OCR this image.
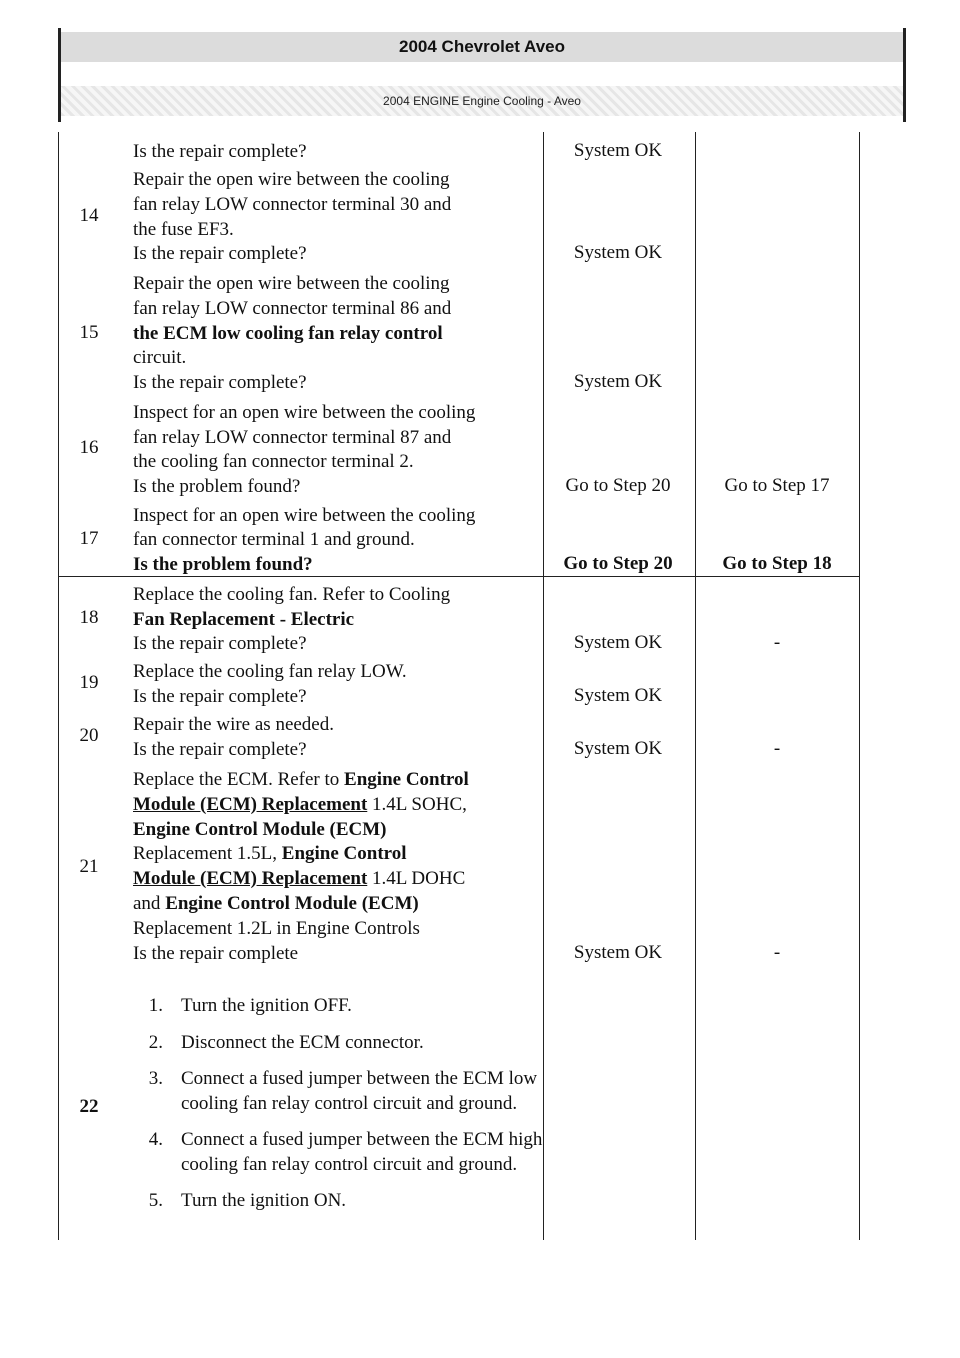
2004 Chevrolet Aveo
2004 ENGINE Engine Cooling - Aveo
Is the repair complete?	System OK
14
Repair the open wire between the cooling
fan relay LOW connector terminal 30 and
the fuse EF3.
Is the repair complete?	System OK
15
Repair the open wire between the cooling
fan relay LOW connector terminal 86 and
the ECM low cooling fan relay control
circuit.
Is the repair complete?	System OK
16
Inspect for an open wire between the cooling
fan relay LOW connector terminal 87 and
the cooling fan connector terminal 2.
Is the problem found?	Go to Step 20	Go to Step 17
17
Inspect for an open wire between the cooling
fan connector terminal 1 and ground.
Is the problem found?	Go to Step 20	Go to Step 18
18
Replace the cooling fan. Refer to Cooling
Fan Replacement - Electric
Is the repair complete?	System OK	-
19
Replace the cooling fan relay LOW.
Is the repair complete?	System OK
20
Repair the wire as needed.
Is the repair complete?	System OK	-
21
Replace the ECM. Refer to Engine Control
Module (ECM) Replacement 1.4L SOHC,
Engine Control Module (ECM)
Replacement 1.5L, Engine Control
Module (ECM) Replacement 1.4L DOHC
and Engine Control Module (ECM)
Replacement 1.2L in Engine Controls
Is the repair complete	System OK	-
22
1. Turn the ignition OFF.
2. Disconnect the ECM connector.
3. Connect a fused jumper between the ECM low cooling fan relay control circuit and ground.
4. Connect a fused jumper between the ECM high cooling fan relay control circuit and ground.
5. Turn the ignition ON.
